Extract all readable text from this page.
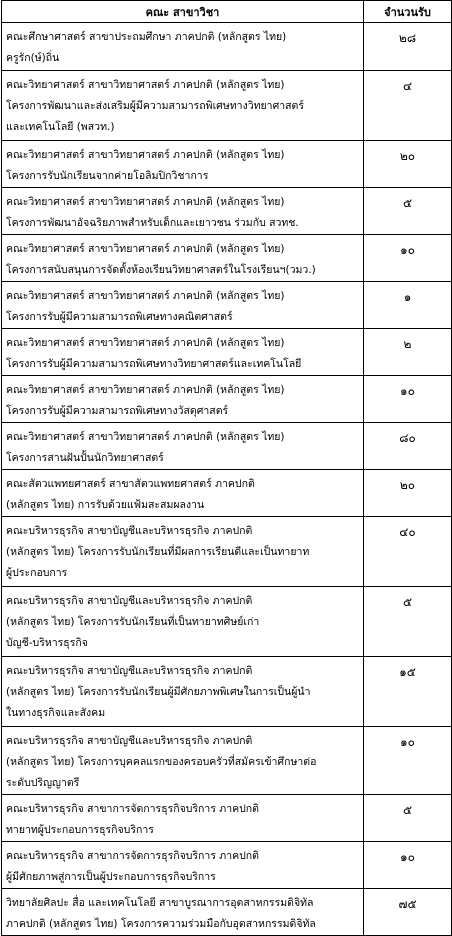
คณะ สาขาวิชา	จำนวนรับ

คณะศึกษาศาสตร์ สาขาประถมศึกษา ภาคปกติ (หลักสูตร ไทย)
ครูรัก(ษ์)ถิ่น	๒๘

คณะวิทยาศาสตร์ สาขาวิทยาศาสตร์ ภาคปกติ (หลักสูตร ไทย)
โครงการพัฒนาและส่งเสริมผู้มีความสามารถพิเศษทางวิทยาศาสตร์
และเทคโนโลยี (พสวท.)	๔

คณะวิทยาศาสตร์ สาขาวิทยาศาสตร์ ภาคปกติ (หลักสูตร ไทย)
โครงการรับนักเรียนจากค่ายโอลิมปิกวิชาการ	๒๐

คณะวิทยาศาสตร์ สาขาวิทยาศาสตร์ ภาคปกติ (หลักสูตร ไทย)
โครงการพัฒนาอัจฉริยภาพสำหรับเด็กและเยาวชน ร่วมกับ สวทช.	๕

คณะวิทยาศาสตร์ สาขาวิทยาศาสตร์ ภาคปกติ (หลักสูตร ไทย)
โครงการสนับสนุนการจัดตั้งห้องเรียนวิทยาศาสตร์ในโรงเรียนฯ(วมว.)	๑๐

คณะวิทยาศาสตร์ สาขาวิทยาศาสตร์ ภาคปกติ (หลักสูตร ไทย)
โครงการรับผู้มีความสามารถพิเศษทางคณิตศาสตร์	๑

คณะวิทยาศาสตร์ สาขาวิทยาศาสตร์ ภาคปกติ (หลักสูตร ไทย)
โครงการรับผู้มีความสามารถพิเศษทางวิทยาศาสตร์และเทคโนโลยี	๒

คณะวิทยาศาสตร์ สาขาวิทยาศาสตร์ ภาคปกติ (หลักสูตร ไทย)
โครงการรับผู้มีความสามารถพิเศษทางวัสดุศาสตร์	๑๐

คณะวิทยาศาสตร์ สาขาวิทยาศาสตร์ ภาคปกติ (หลักสูตร ไทย)
โครงการสานฝันปั้นนักวิทยาศาสตร์	๘๐

คณะสัตวแพทยศาสตร์ สาขาสัตวแพทยศาสตร์ ภาคปกติ
(หลักสูตร ไทย) การรับด้วยแฟ้มสะสมผลงาน	๒๐

คณะบริหารธุรกิจ สาขาบัญชีและบริหารธุรกิจ ภาคปกติ
(หลักสูตร ไทย) โครงการรับนักเรียนที่มีผลการเรียนดีและเป็นทายาท
ผู้ประกอบการ	๔๐

คณะบริหารธุรกิจ สาขาบัญชีและบริหารธุรกิจ ภาคปกติ
(หลักสูตร ไทย) โครงการรับนักเรียนที่เป็นทายาทศิษย์เก่า
บัญชี-บริหารธุรกิจ	๕

คณะบริหารธุรกิจ สาขาบัญชีและบริหารธุรกิจ ภาคปกติ
(หลักสูตร ไทย) โครงการรับนักเรียนผู้มีศักยภาพพิเศษในการเป็นผู้นำ
ในทางธุรกิจและสังคม	๑๕

คณะบริหารธุรกิจ สาขาบัญชีและบริหารธุรกิจ ภาคปกติ
(หลักสูตร ไทย) โครงการบุคคลแรกของครอบครัวที่สมัครเข้าศึกษาต่อ
ระดับปริญญาตรี	๑๐

คณะบริหารธุรกิจ สาขาการจัดการธุรกิจบริการ ภาคปกติ
ทายาทผู้ประกอบการธุรกิจบริการ	๕

คณะบริหารธุรกิจ สาขาการจัดการธุรกิจบริการ ภาคปกติ
ผู้มีศักยภาพสู่การเป็นผู้ประกอบการธุรกิจบริการ	๑๐

วิทยาลัยศิลปะ สื่อ และเทคโนโลยี สาขาบูรณาการอุตสาหกรรมดิจิทัล
ภาคปกติ (หลักสูตร ไทย) โครงการความร่วมมือกับอุตสาหกรรมดิจิทัล	๗๕
